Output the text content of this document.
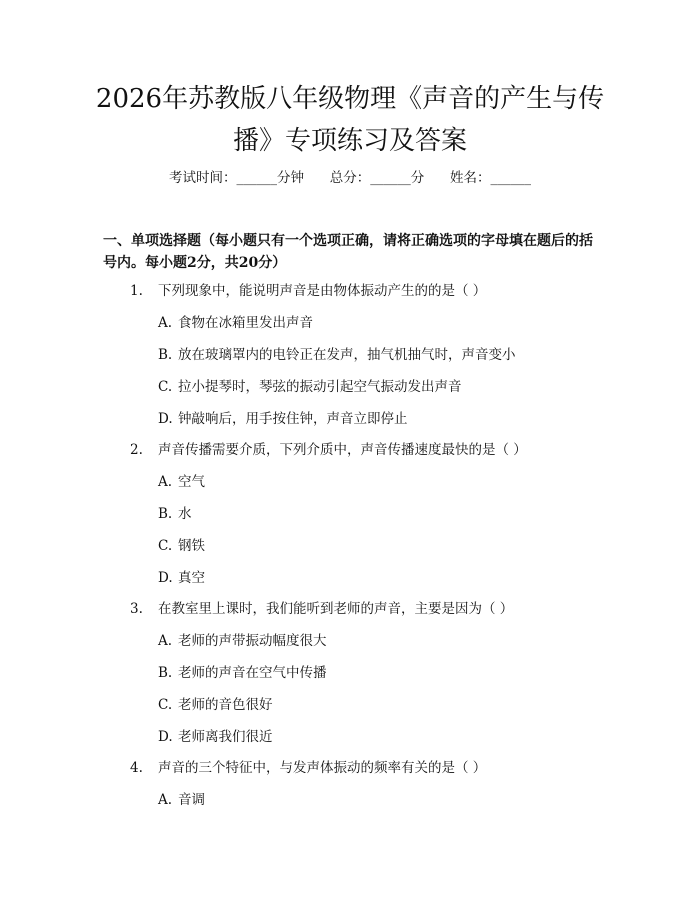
2026年苏教版八年级物理《声音的产生与传
播》专项练习及答案
考试时间：______分钟      总分：______分      姓名：______
一、单项选择题（每小题只有一个选项正确，请将正确选项的字母填在题后的括
号内。每小题2分，共20分）
1. 下列现象中，能说明声音是由物体振动产生的的是（ ）
A. 食物在冰箱里发出声音
B. 放在玻璃罩内的电铃正在发声，抽气机抽气时，声音变小
C. 拉小提琴时，琴弦的振动引起空气振动发出声音
D. 钟敲响后，用手按住钟，声音立即停止
2. 声音传播需要介质，下列介质中，声音传播速度最快的是（ ）
A. 空气
B. 水
C. 钢铁
D. 真空
3. 在教室里上课时，我们能听到老师的声音，主要是因为（ ）
A. 老师的声带振动幅度很大
B. 老师的声音在空气中传播
C. 老师的音色很好
D. 老师离我们很近
4. 声音的三个特征中，与发声体振动的频率有关的是（ ）
A. 音调
